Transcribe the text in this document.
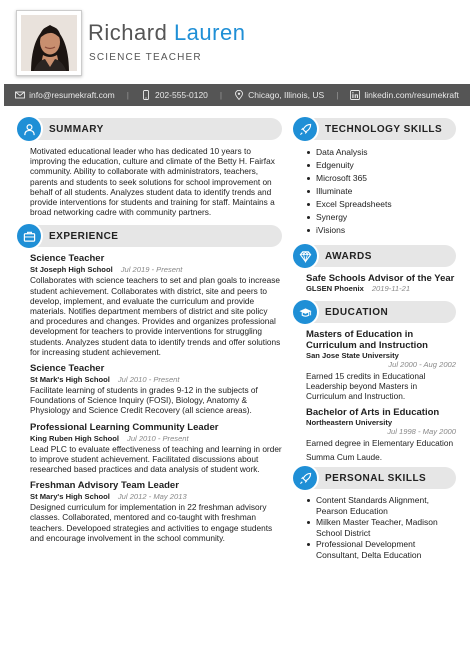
Richard Lauren
SCIENCE TEACHER
info@resumekraft.com |	202-555-0120 |	Chicago, Illinois, US |	linkedin.com/resumekraft
SUMMARY

Motivated educational leader who has dedicated 10 years to improving the education, culture and climate of the Betty H. Fairfax community. Ability to collaborate with administrators, teachers, parents and students to seek solutions for school improvement on behalf of all students. Analyzes student data to identify trends and provide interventions for students and training for staff. Maintains a broad networking cadre with community partners.

EXPERIENCE
Science Teacher
St Joseph High School Jul 2019 - Present

Collaborates with science teachers to set and plan goals to increase student achievement. Collaborates with district, site and peers to develop, implement, and evaluate the curriculum and provide materials. Notifies department members of district and site policy and procedures and changes. Provides and organizes professional development for teachers to provide interventions for struggling students. Analyzes student data to identify trends and offer solutions for increasing student achievement.

Science Teacher
St Mark's High School Jul 2010 - Present

Facilitate learning of students in grades 9-12 in the subjects of Foundations of Science Inquiry (FOSI), Biology, Anatomy & Physiology and Science Credit Recovery (all science areas).

Professional Learning Community Leader
King Ruben High School Jul 2010 - Present

Lead PLC to evaluate effectiveness of teaching and learning in order to improve student achievement. Facilitated discussions about researched based practices and data analysis of student work.

Freshman Advisory Team Leader
St Mary's High School Jul 2012 - May 2013

Designed curriculum for implementation in 22 freshman advisory classes. Collaborated, mentored and co-taught with freshman teachers. Developoed strategies and activities to engage students and encourage involvement in the school community.

TECHNOLOGY SKILLS
Data Analysis
Edgenuity
Microsoft 365
Illuminate
Excel Spreadsheets
Synergy
iVisions
AWARDS
Safe Schools Advisor of the Year
GLSEN Phoenix 2019-11-21
EDUCATION
Masters of Education in Curriculum and Instruction
San Jose State University
Jul 2000 - Aug 2002

Earned 15 credits in Educational Leadership beyond Masters in Curriculum and Instruction.

Bachelor of Arts in Education
Northeastern University
Jul 1998 - May 2000

Earned degree in Elementary Education

Summa Cum Laude.

PERSONAL SKILLS
Content Standards Alignment, Pearson Education
Milken Master Teacher, Madison School District
Professional Development Consultant, Delta Education
